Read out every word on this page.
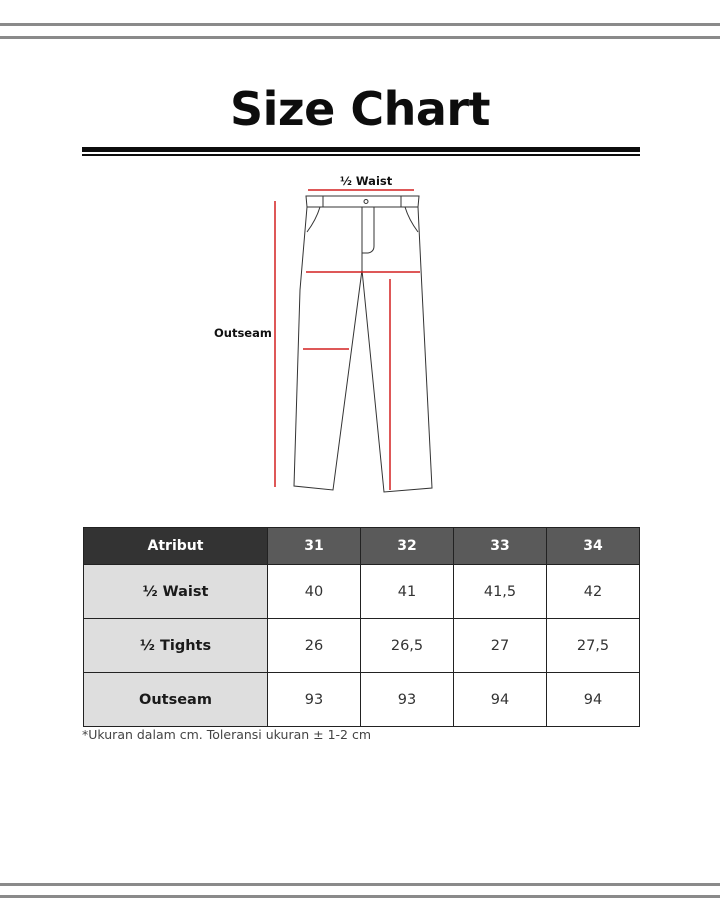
Size Chart
½ Waist
Outseam
Atribut	31	32	33	34
½ Waist	40	41	41,5	42
½ Tights	26	26,5	27	27,5
Outseam	93	93	94	94
*Ukuran dalam cm. Toleransi ukuran ± 1-2 cm
